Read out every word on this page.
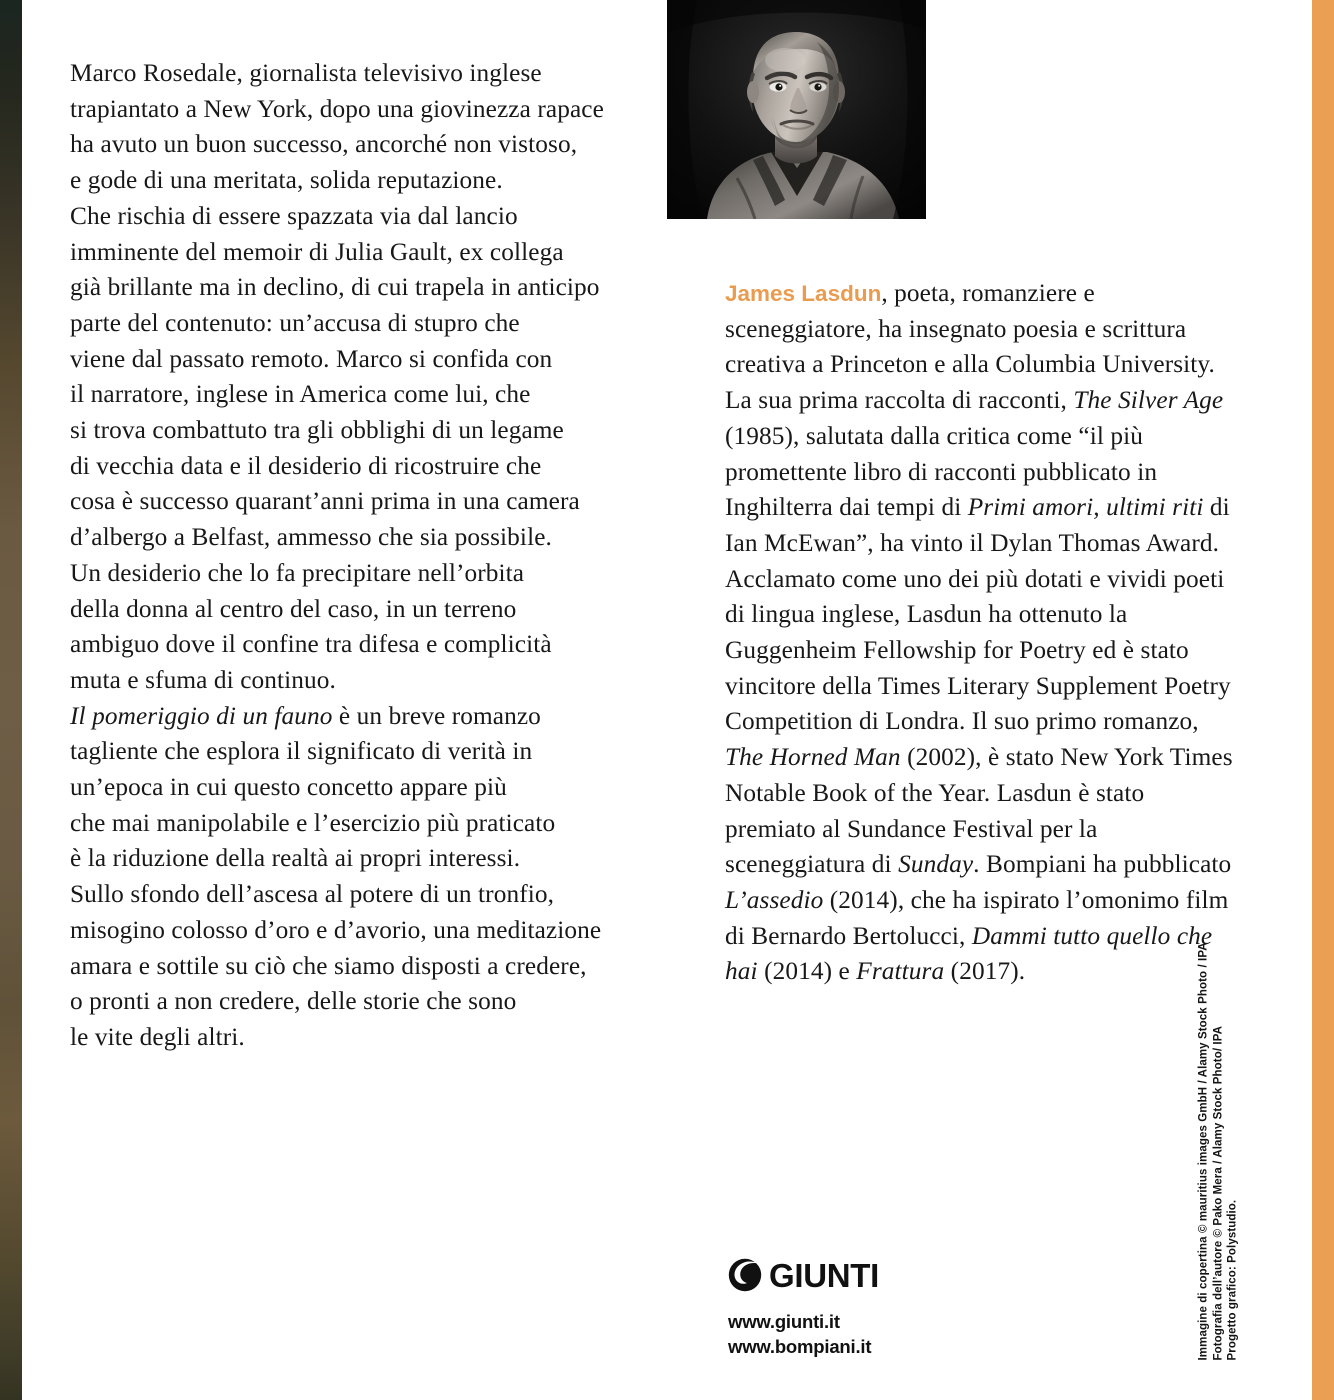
Marco Rosedale, giornalista televisivo inglese
trapiantato a New York, dopo una giovinezza rapace
ha avuto un buon successo, ancorché non vistoso,
e gode di una meritata, solida reputazione.
Che rischia di essere spazzata via dal lancio
imminente del memoir di Julia Gault, ex collega
già brillante ma in declino, di cui trapela in anticipo
parte del contenuto: un’accusa di stupro che
viene dal passato remoto. Marco si confida con
il narratore, inglese in America come lui, che
si trova combattuto tra gli obblighi di un legame
di vecchia data e il desiderio di ricostruire che
cosa è successo quarant’anni prima in una camera
d’albergo a Belfast, ammesso che sia possibile.
Un desiderio che lo fa precipitare nell’orbita
della donna al centro del caso, in un terreno
ambiguo dove il confine tra difesa e complicità
muta e sfuma di continuo.
Il pomeriggio di un fauno è un breve romanzo
tagliente che esplora il significato di verità in
un’epoca in cui questo concetto appare più
che mai manipolabile e l’esercizio più praticato
è la riduzione della realtà ai propri interessi.
Sullo sfondo dell’ascesa al potere di un tronfio,
misogino colosso d’oro e d’avorio, una meditazione
amara e sottile su ciò che siamo disposti a credere,
o pronti a non credere, delle storie che sono
le vite degli altri.

James Lasdun, poeta, romanziere e sceneggiatore, ha insegnato poesia e scrittura creativa a Princeton e alla Columbia University. La sua prima raccolta di racconti, The Silver Age (1985), salutata dalla critica come “il più promettente libro di racconti pubblicato in Inghilterra dai tempi di Primi amori, ultimi riti di Ian McEwan”, ha vinto il Dylan Thomas Award. Acclamato come uno dei più dotati e vividi poeti di lingua inglese, Lasdun ha ottenuto la Guggenheim Fellowship for Poetry ed è stato vincitore della Times Literary Supplement Poetry Competition di Londra. Il suo primo romanzo, The Horned Man (2002), è stato New York Times Notable Book of the Year. Lasdun è stato premiato al Sundance Festival per la sceneggiatura di Sunday. Bompiani ha pubblicato L’assedio (2014), che ha ispirato l’omonimo film di Bernardo Bertolucci, Dammi tutto quello che hai (2014) e Frattura (2017).

GIUNTI
www.giunti.it
www.bompiani.it	Immagine di copertina © mauritius images GmbH / Alamy Stock Photo / IPA Fotografia dell’autore © Pako Mera / Alamy Stock Photo/ IPA Progetto grafico: Polystudio.
